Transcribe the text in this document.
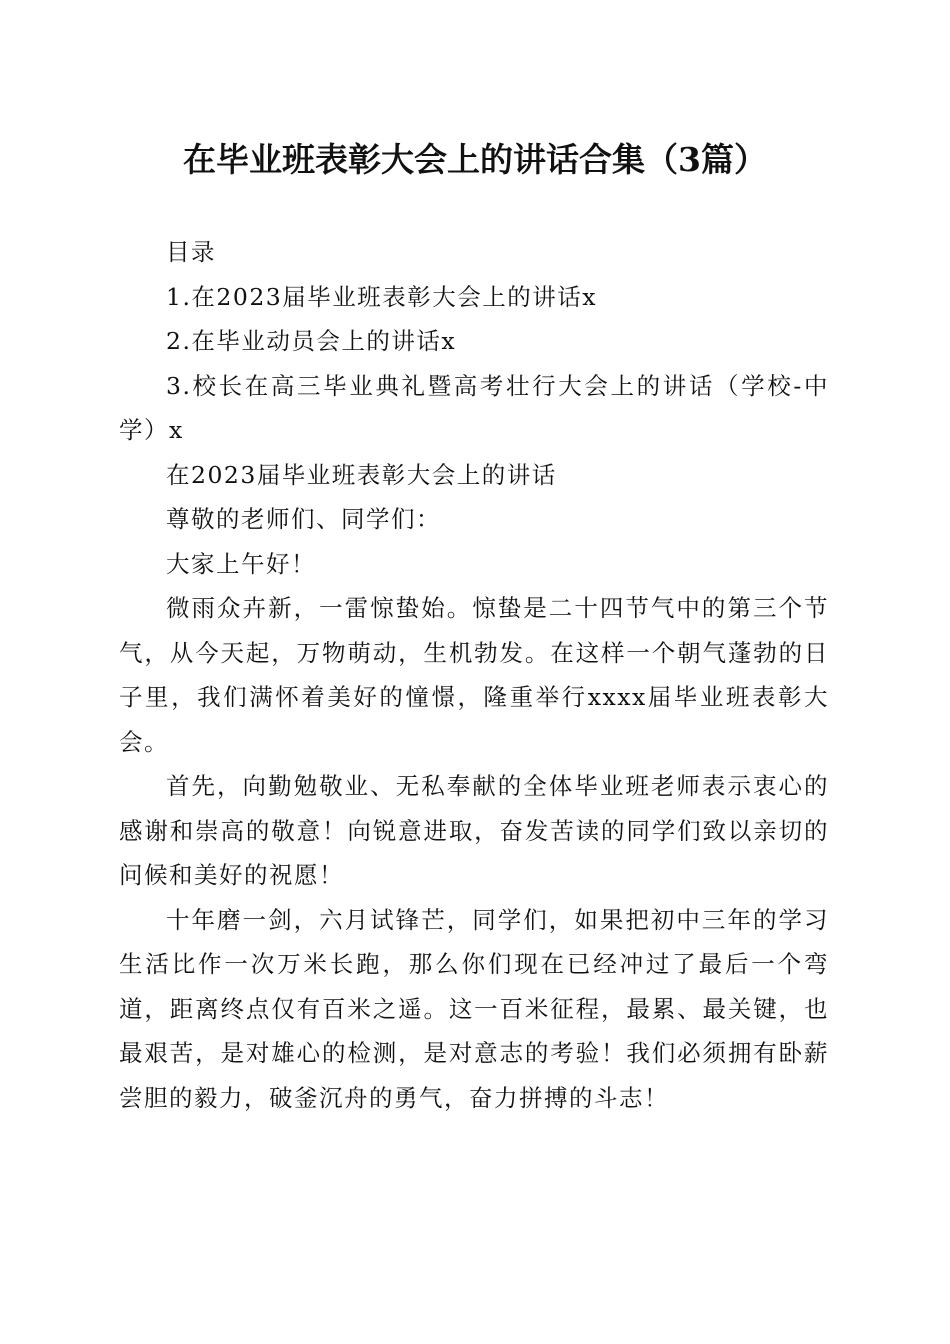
在毕业班表彰大会上的讲话合集（3篇）

目录

1.在2023届毕业班表彰大会上的讲话x

2.在毕业动员会上的讲话x

3.校长在高三毕业典礼暨高考壮行大会上的讲话（学校-中学）x

在2023届毕业班表彰大会上的讲话

尊敬的老师们、同学们：

大家上午好！

微雨众卉新，一雷惊蛰始。惊蛰是二十四节气中的第三个节气，从今天起，万物萌动，生机勃发。在这样一个朝气蓬勃的日子里，我们满怀着美好的憧憬，隆重举行xxxx届毕业班表彰大会。

首先，向勤勉敬业、无私奉献的全体毕业班老师表示衷心的感谢和崇高的敬意！向锐意进取，奋发苦读的同学们致以亲切的问候和美好的祝愿！

十年磨一剑，六月试锋芒，同学们，如果把初中三年的学习生活比作一次万米长跑，那么你们现在已经冲过了最后一个弯道，距离终点仅有百米之遥。这一百米征程，最累、最关键，也最艰苦，是对雄心的检测，是对意志的考验！我们必须拥有卧薪尝胆的毅力，破釜沉舟的勇气，奋力拼搏的斗志！
